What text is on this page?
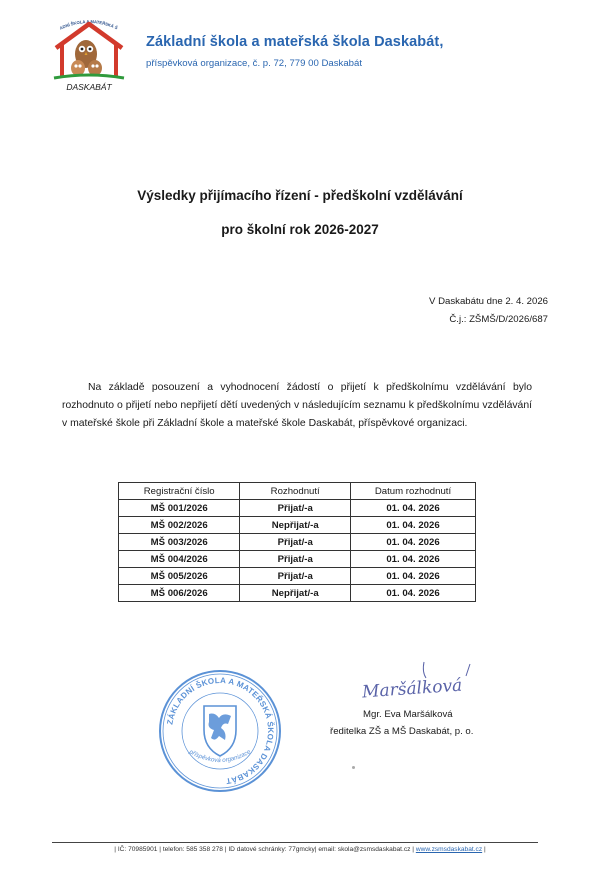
ADNÍ ŠKOLA A MATEŘSKÁ Š
DASKABÁT
Základní škola a mateřská škola Daskabát,
příspěvková organizace, č. p. 72, 779 00 Daskabát
Výsledky přijímacího řízení - předškolní vzdělávání
pro školní rok 2026-2027
V Daskabátu dne 2. 4. 2026
Č.j.: ZŠMŠ/D/2026/687
Na základě posouzení a vyhodnocení žádostí o přijetí k předškolnímu vzdělávání bylo rozhodnuto o přijetí nebo nepřijetí dětí uvedených v následujícím seznamu k předškolnímu vzdělávání v mateřské škole při Základní škole a mateřské škole Daskabát, příspěvkové organizaci.
Registrační číslo	Rozhodnutí	Datum rozhodnutí
MŠ 001/2026	Přijat/-a	01. 04. 2026
MŠ 002/2026	Nepřijat/-a	01. 04. 2026
MŠ 003/2026	Přijat/-a	01. 04. 2026
MŠ 004/2026	Přijat/-a	01. 04. 2026
MŠ 005/2026	Přijat/-a	01. 04. 2026
MŠ 006/2026	Nepřijat/-a	01. 04. 2026
ZÁKLADNÍ ŠKOLA A MATEŘSKÁ ŠKOLA DASKABÁT
příspěvková organizace
Maršálková
Mgr. Eva Maršálková
ředitelka ZŠ a MŠ Daskabát, p. o.
| IČ: 70985901 | telefon: 585 358 278 | ID datové schránky: 77gmcky| email: skola@zsmsdaskabat.cz | www.zsmsdaskabat.cz |
